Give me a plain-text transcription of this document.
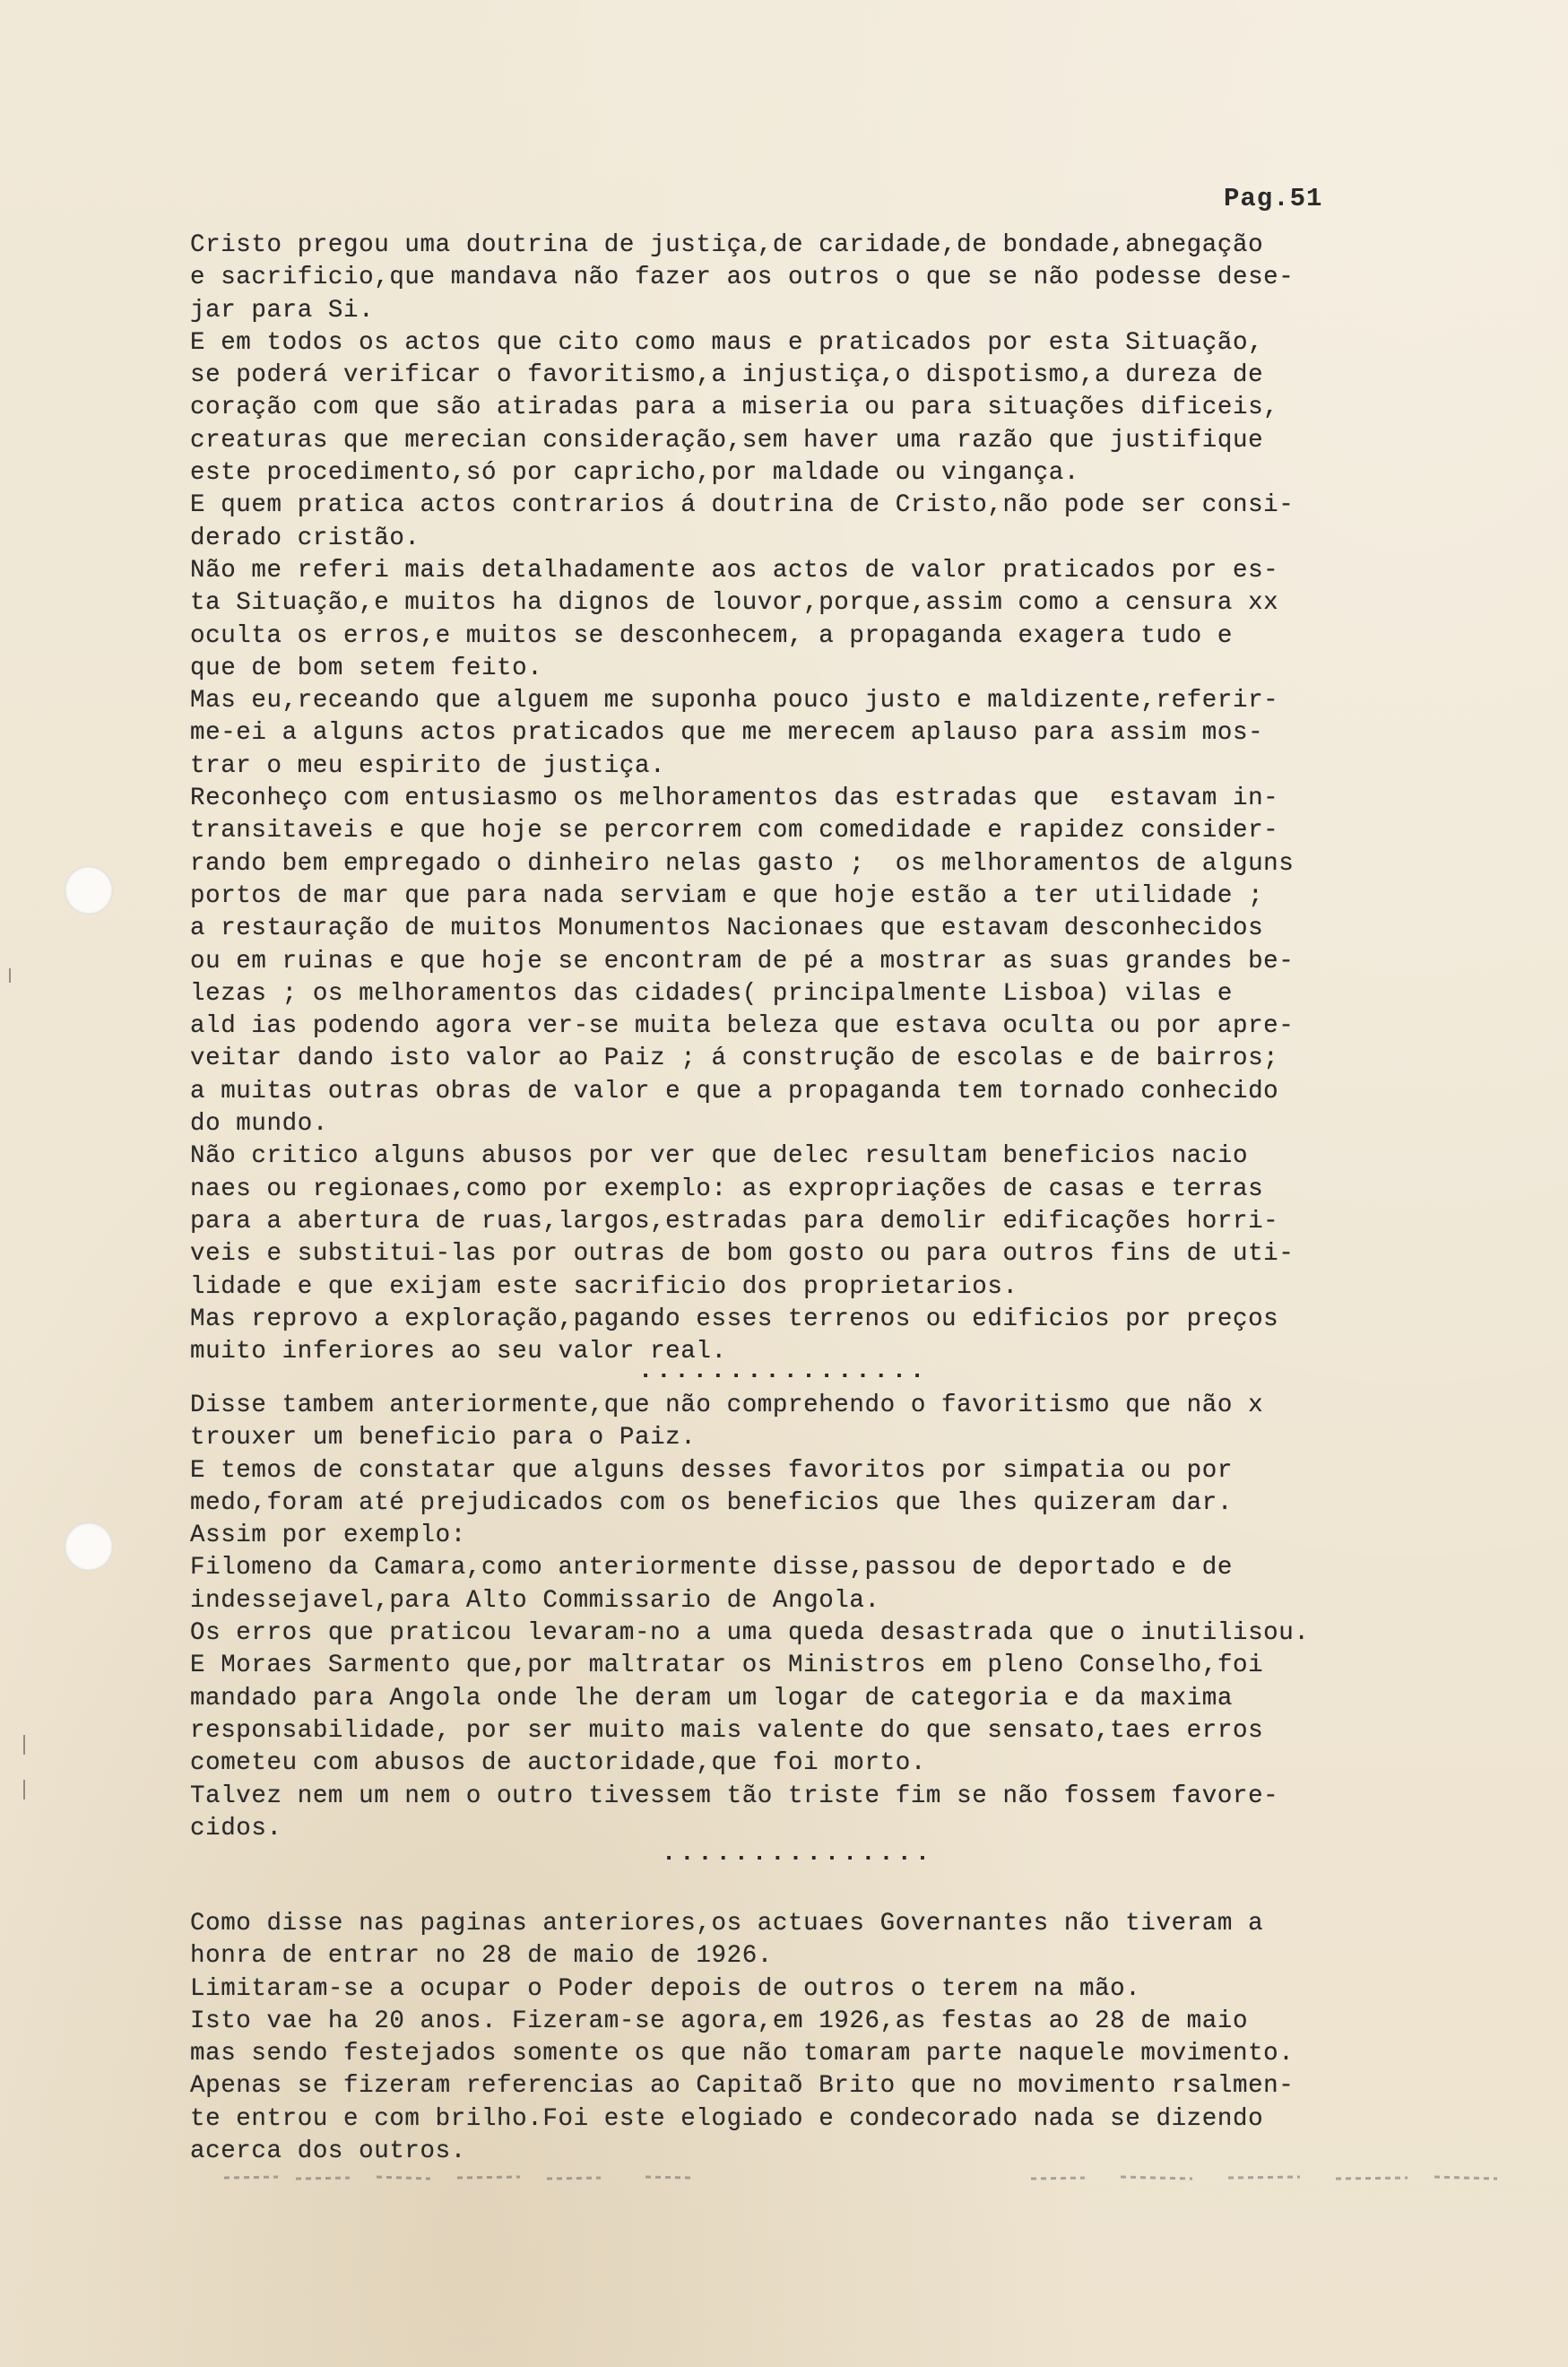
Pag.51
Cristo pregou uma doutrina de justiça,de caridade,de bondade,abnegação
e sacrificio,que mandava não fazer aos outros o que se não podesse dese-
jar para Si.
E em todos os actos que cito como maus e praticados por esta Situação,
se poderá verificar o favoritismo,a injustiça,o dispotismo,a dureza de
coração com que são atiradas para a miseria ou para situações dificeis,
creaturas que merecian consideração,sem haver uma razão que justifique
este procedimento,só por capricho,por maldade ou vingança.
E quem pratica actos contrarios á doutrina de Cristo,não pode ser consi-
derado cristão.
Não me referi mais detalhadamente aos actos de valor praticados por es-
ta Situação,e muitos ha dignos de louvor,porque,assim como a censura xx
oculta os erros,e muitos se desconhecem, a propaganda exagera tudo e
que de bom setem feito.
Mas eu,receando que alguem me suponha pouco justo e maldizente,referir-
me-ei a alguns actos praticados que me merecem aplauso para assim mos-
trar o meu espirito de justiça.
Reconheço com entusiasmo os melhoramentos das estradas que  estavam in-
transitaveis e que hoje se percorrem com comedidade e rapidez consider-
rando bem empregado o dinheiro nelas gasto ;  os melhoramentos de alguns
portos de mar que para nada serviam e que hoje estão a ter utilidade ;
a restauração de muitos Monumentos Nacionaes que estavam desconhecidos
ou em ruinas e que hoje se encontram de pé a mostrar as suas grandes be-
lezas ; os melhoramentos das cidades( principalmente Lisboa) vilas e
ald ias podendo agora ver-se muita beleza que estava oculta ou por apre-
veitar dando isto valor ao Paiz ; á construção de escolas e de bairros;
a muitas outras obras de valor e que a propaganda tem tornado conhecido
do mundo.
Não critico alguns abusos por ver que delec resultam beneficios nacio
naes ou regionaes,como por exemplo: as expropriações de casas e terras
para a abertura de ruas,largos,estradas para demolir edificações horri-
veis e substitui-las por outras de bom gosto ou para outros fins de uti-
lidade e que exijam este sacrificio dos proprietarios.
Mas reprovo a exploração,pagando esses terrenos ou edificios por preços
muito inferiores ao seu valor real.
................
Disse tambem anteriormente,que não comprehendo o favoritismo que não x
trouxer um beneficio para o Paiz.
E temos de constatar que alguns desses favoritos por simpatia ou por
medo,foram até prejudicados com os beneficios que lhes quizeram dar.
Assim por exemplo:
Filomeno da Camara,como anteriormente disse,passou de deportado e de
indessejavel,para Alto Commissario de Angola.
Os erros que praticou levaram-no a uma queda desastrada que o inutilisou.
E Moraes Sarmento que,por maltratar os Ministros em pleno Conselho,foi
mandado para Angola onde lhe deram um logar de categoria e da maxima
responsabilidade, por ser muito mais valente do que sensato,taes erros
cometeu com abusos de auctoridade,que foi morto.
Talvez nem um nem o outro tivessem tão triste fim se não fossem favore-
cidos.
...............
Como disse nas paginas anteriores,os actuaes Governantes não tiveram a
honra de entrar no 28 de maio de 1926.
Limitaram-se a ocupar o Poder depois de outros o terem na mão.
Isto vae ha 20 anos. Fizeram-se agora,em 1926,as festas ao 28 de maio
mas sendo festejados somente os que não tomaram parte naquele movimento.
Apenas se fizeram referencias ao Capitaõ Brito que no movimento rsalmen-
te entrou e com brilho.Foi este elogiado e condecorado nada se dizendo
acerca dos outros.
